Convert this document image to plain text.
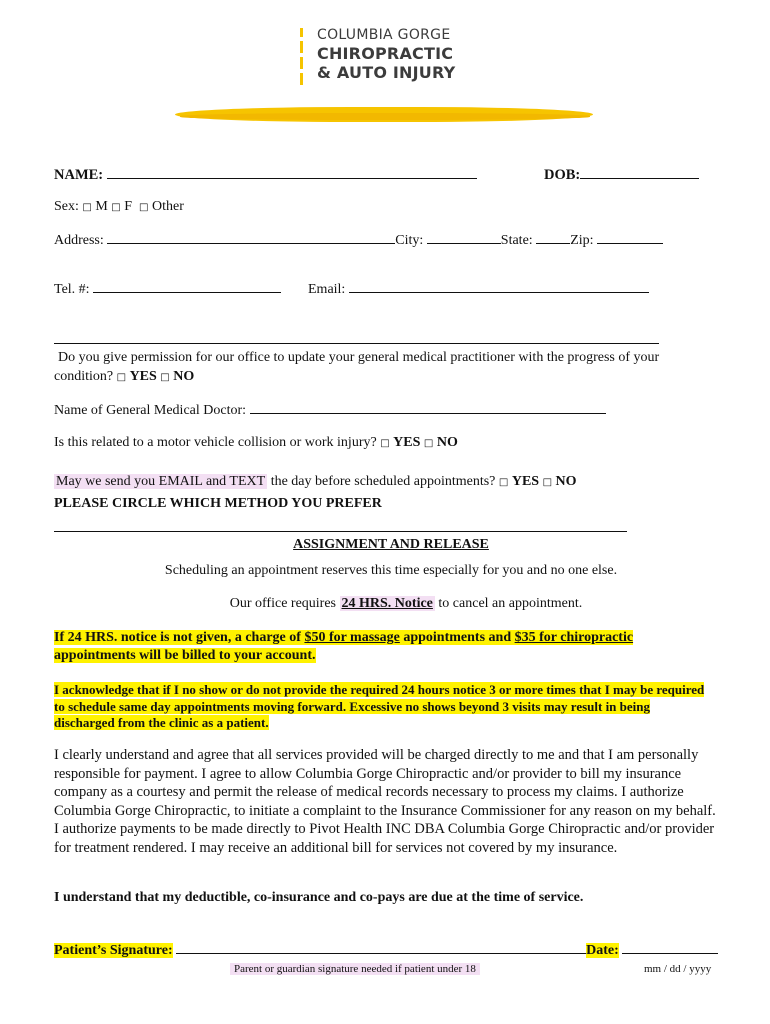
COLUMBIA GORGE
CHIROPRACTIC
& AUTO INJURY
NAME:	DOB:
Sex: □ M □ F □ Other
Address:	City:	State:	Zip:
Tel. #:	Email:
Do you give permission for our office to update your general medical practitioner with the progress of your
condition? □ YES □ NO
Name of General Medical Doctor:
Is this related to a motor vehicle collision or work injury? □ YES □ NO
May we send you EMAIL and TEXT the day before scheduled appointments? □ YES □ NO
PLEASE CIRCLE WHICH METHOD YOU PREFER
ASSIGNMENT AND RELEASE
Scheduling an appointment reserves this time especially for you and no one else.
Our office requires 24 HRS. Notice to cancel an appointment.
If 24 HRS. notice is not given, a charge of $50 for massage appointments and $35 for chiropractic
appointments will be billed to your account.
I acknowledge that if I no show or do not provide the required 24 hours notice 3 or more times that I may be required
to schedule same day appointments moving forward. Excessive no shows beyond 3 visits may result in being
discharged from the clinic as a patient.
I clearly understand and agree that all services provided will be charged directly to me and that I am personally responsible for payment. I agree to allow Columbia Gorge Chiropractic and/or provider to bill my insurance company as a courtesy and permit the release of medical records necessary to process my claims. I authorize Columbia Gorge Chiropractic, to initiate a complaint to the Insurance Commissioner for any reason on my behalf. I authorize payments to be made directly to Pivot Health INC DBA Columbia Gorge Chiropractic and/or provider for treatment rendered. I may receive an additional bill for services not covered by my insurance.
I understand that my deductible, co-insurance and co-pays are due at the time of service.
Patient’s Signature:	Date:
Parent or guardian signature needed if patient under 18	mm / dd / yyyy
